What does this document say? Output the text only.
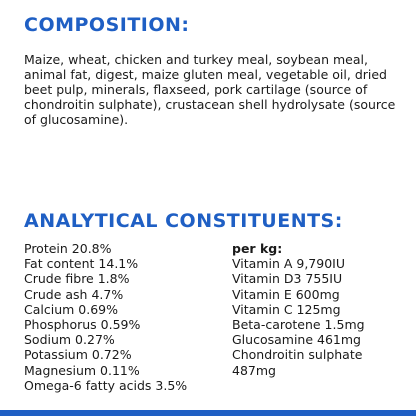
COMPOSITION:

Maize, wheat, chicken and turkey meal, soybean meal, animal fat, digest, maize gluten meal, vegetable oil, dried beet pulp, minerals, flaxseed, pork cartilage (source of chondroitin sulphate), crustacean shell hydrolysate (source of glucosamine).

ANALYTICAL CONSTITUENTS:
Protein 20.8%
Fat content 14.1%
Crude fibre 1.8%
Crude ash 4.7%
Calcium 0.69%
Phosphorus 0.59%
Sodium 0.27%
Potassium 0.72%
Magnesium 0.11%
Omega-6 fatty acids 3.5%
per kg:
Vitamin A 9,790IU
Vitamin D3 755IU
Vitamin E 600mg
Vitamin C 125mg
Beta-carotene 1.5mg
Glucosamine 461mg
Chondroitin sulphate
487mg
